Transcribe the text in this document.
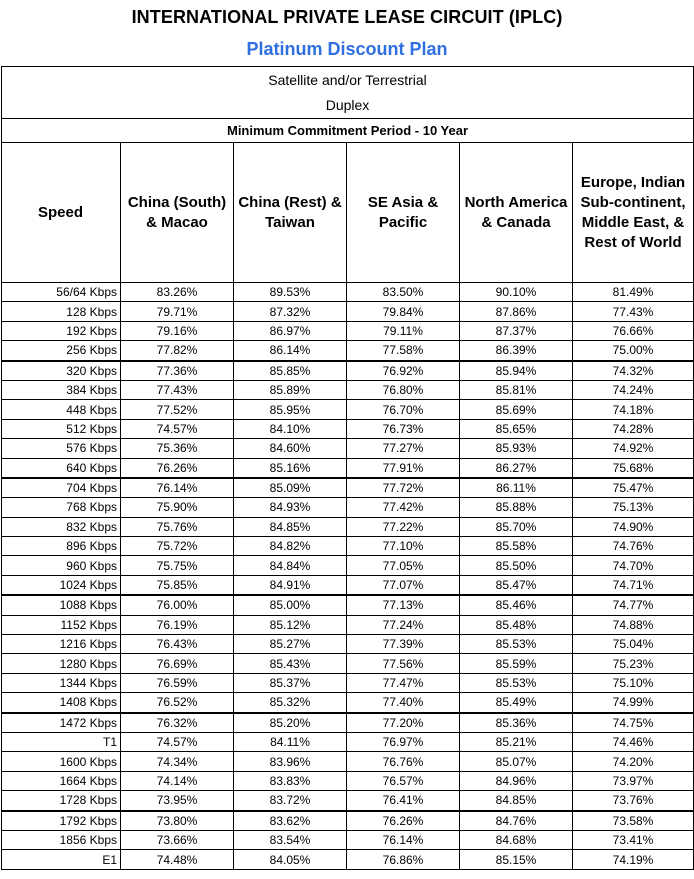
INTERNATIONAL PRIVATE LEASE CIRCUIT (IPLC)
Platinum Discount Plan
Satellite and/or Terrestrial
Duplex					

Minimum Commitment Period - 10 Year					
Speed	China (South) & Macao	China (Rest) & Taiwan	SE Asia & Pacific	North America & Canada	Europe, Indian Sub-continent, Middle East, & Rest of World
56/64 Kbps	83.26%	89.53%	83.50%	90.10%	81.49%
128 Kbps	79.71%	87.32%	79.84%	87.86%	77.43%
192 Kbps	79.16%	86.97%	79.11%	87.37%	76.66%
256 Kbps	77.82%	86.14%	77.58%	86.39%	75.00%
320 Kbps	77.36%	85.85%	76.92%	85.94%	74.32%
384 Kbps	77.43%	85.89%	76.80%	85.81%	74.24%
448 Kbps	77.52%	85.95%	76.70%	85.69%	74.18%
512 Kbps	74.57%	84.10%	76.73%	85.65%	74.28%
576 Kbps	75.36%	84.60%	77.27%	85.93%	74.92%
640 Kbps	76.26%	85.16%	77.91%	86.27%	75.68%
704 Kbps	76.14%	85.09%	77.72%	86.11%	75.47%
768 Kbps	75.90%	84.93%	77.42%	85.88%	75.13%
832 Kbps	75.76%	84.85%	77.22%	85.70%	74.90%
896 Kbps	75.72%	84.82%	77.10%	85.58%	74.76%
960 Kbps	75.75%	84.84%	77.05%	85.50%	74.70%
1024 Kbps	75.85%	84.91%	77.07%	85.47%	74.71%
1088 Kbps	76.00%	85.00%	77.13%	85.46%	74.77%
1152 Kbps	76.19%	85.12%	77.24%	85.48%	74.88%
1216 Kbps	76.43%	85.27%	77.39%	85.53%	75.04%
1280 Kbps	76.69%	85.43%	77.56%	85.59%	75.23%
1344 Kbps	76.59%	85.37%	77.47%	85.53%	75.10%
1408 Kbps	76.52%	85.32%	77.40%	85.49%	74.99%
1472 Kbps	76.32%	85.20%	77.20%	85.36%	74.75%
T1	74.57%	84.11%	76.97%	85.21%	74.46%
1600 Kbps	74.34%	83.96%	76.76%	85.07%	74.20%
1664 Kbps	74.14%	83.83%	76.57%	84.96%	73.97%
1728 Kbps	73.95%	83.72%	76.41%	84.85%	73.76%
1792 Kbps	73.80%	83.62%	76.26%	84.76%	73.58%
1856 Kbps	73.66%	83.54%	76.14%	84.68%	73.41%
E1	74.48%	84.05%	76.86%	85.15%	74.19%
